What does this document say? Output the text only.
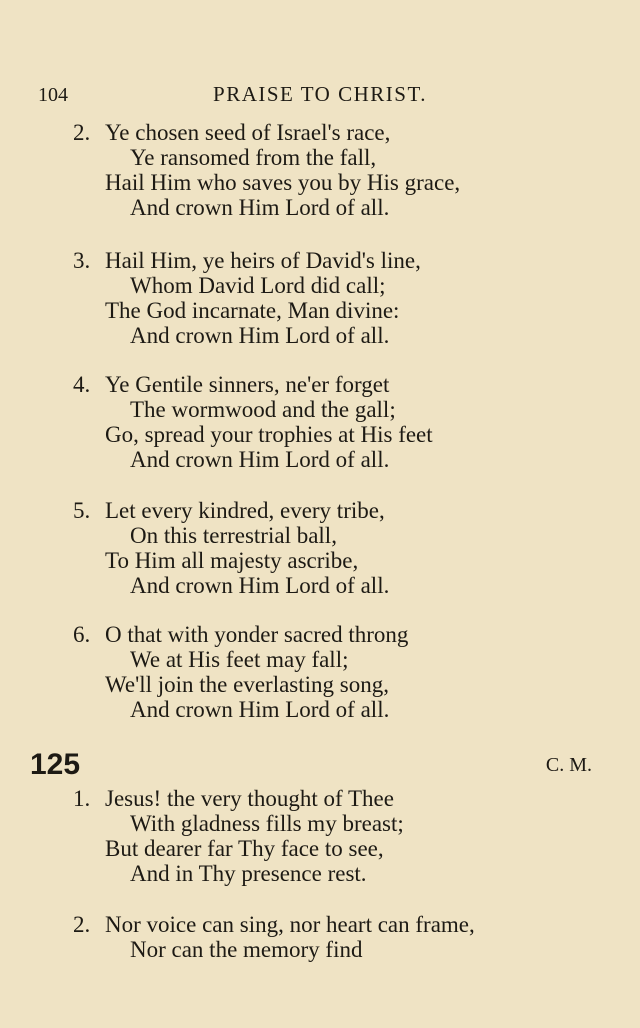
104	PRAISE TO CHRIST.
2. Ye chosen seed of Israel's race,
Ye ransomed from the fall,
Hail Him who saves you by His grace,
And crown Him Lord of all.
3. Hail Him, ye heirs of David's line,
Whom David Lord did call;
The God incarnate, Man divine:
And crown Him Lord of all.
4. Ye Gentile sinners, ne'er forget
The wormwood and the gall;
Go, spread your trophies at His feet
And crown Him Lord of all.
5. Let every kindred, every tribe,
On this terrestrial ball,
To Him all majesty ascribe,
And crown Him Lord of all.
6. O that with yonder sacred throng
We at His feet may fall;
We'll join the everlasting song,
And crown Him Lord of all.
125	C. M.
1. Jesus! the very thought of Thee
With gladness fills my breast;
But dearer far Thy face to see,
And in Thy presence rest.
2. Nor voice can sing, nor heart can frame,
Nor can the memory find
